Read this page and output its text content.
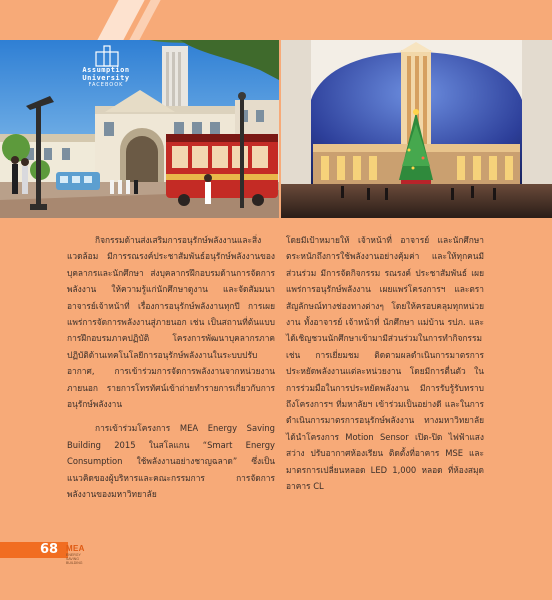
Assumption
University
FACEBOOK

กิจกรรมด้านส่งเสริมการอนุรักษ์พลังงานและสิ่งแวดล้อม มีการรณรงค์ประชาสัมพันธ์อนุรักษ์พลังงานของบุคลากรและนักศึกษา ส่งบุคลากรฝึกอบรมด้านการจัดการพลังงาน ให้ความรู้แก่นักศึกษาดูงาน และจัดสัมมนาอาจารย์เจ้าหน้าที่ เรื่องการอนุรักษ์พลังงานทุกปี การเผยแพร่การจัดการพลังงานสู่ภายนอก เช่น เป็นสถานที่ต้นแบบการฝึกอบรมภาคปฏิบัติ โครงการพัฒนาบุคลากรภาคปฏิบัติด้านเทคโนโลยีการอนุรักษ์พลังงานในระบบปรับอากาศ, การเข้าร่วมการจัดการพลังงานจากหน่วยงานภายนอก รายการโทรทัศน์เข้าถ่ายทำรายการเกี่ยวกับการอนุรักษ์พลังงาน

การเข้าร่วมโครงการ MEA Energy Saving Building 2015 ในสโลแกน “Smart Energy Consumption ใช้พลังงานอย่างชาญฉลาด” ซึ่งเป็นแนวคิดของผู้บริหารและคณะกรรมการ การจัดการพลังงานของมหาวิทยาลัย

โดยมีเป้าหมายให้ เจ้าหน้าที่ อาจารย์ และนักศึกษาตระหนักถึงการใช้พลังงานอย่างคุ้มค่า และให้ทุกคนมีส่วนร่วม มีการจัดกิจกรรม รณรงค์ ประชาสัมพันธ์ เผยแพร่การอนุรักษ์พลังงาน เผยแพร่โครงการฯ และตราสัญลักษณ์ทางช่องทางต่างๆ โดยให้ครอบคลุมทุกหน่วยงาน ทั้งอาจารย์ เจ้าหน้าที่ นักศึกษา แม่บ้าน รปภ. และได้เชิญชวนนักศึกษาเข้ามามีส่วนร่วมในการทำกิจกรรม เช่น การเยี่ยมชม ติดตามผลดำเนินการมาตรการประหยัดพลังงานแต่ละหน่วยงาน โดยมีการตื่นตัว ในการร่วมมือในการประหยัดพลังงาน มีการรับรู้รับทราบถึงโครงการฯ ที่มหาลัยฯ เข้าร่วมเป็นอย่างดี และในการดำเนินการมาตรการอนุรักษ์พลังงาน ทางมหาวิทยาลัย ได้นำโครงการ Motion Sensor เปิด-ปิด ไฟฟ้าแสงสว่าง ปรับอากาศห้องเรียน ติดตั้งที่อาคาร MSE และมาตรการเปลี่ยนหลอด LED 1,000 หลอด ที่ห้องสมุด อาคาร CL

68 MEA
ENERGY SAVING BUILDING
